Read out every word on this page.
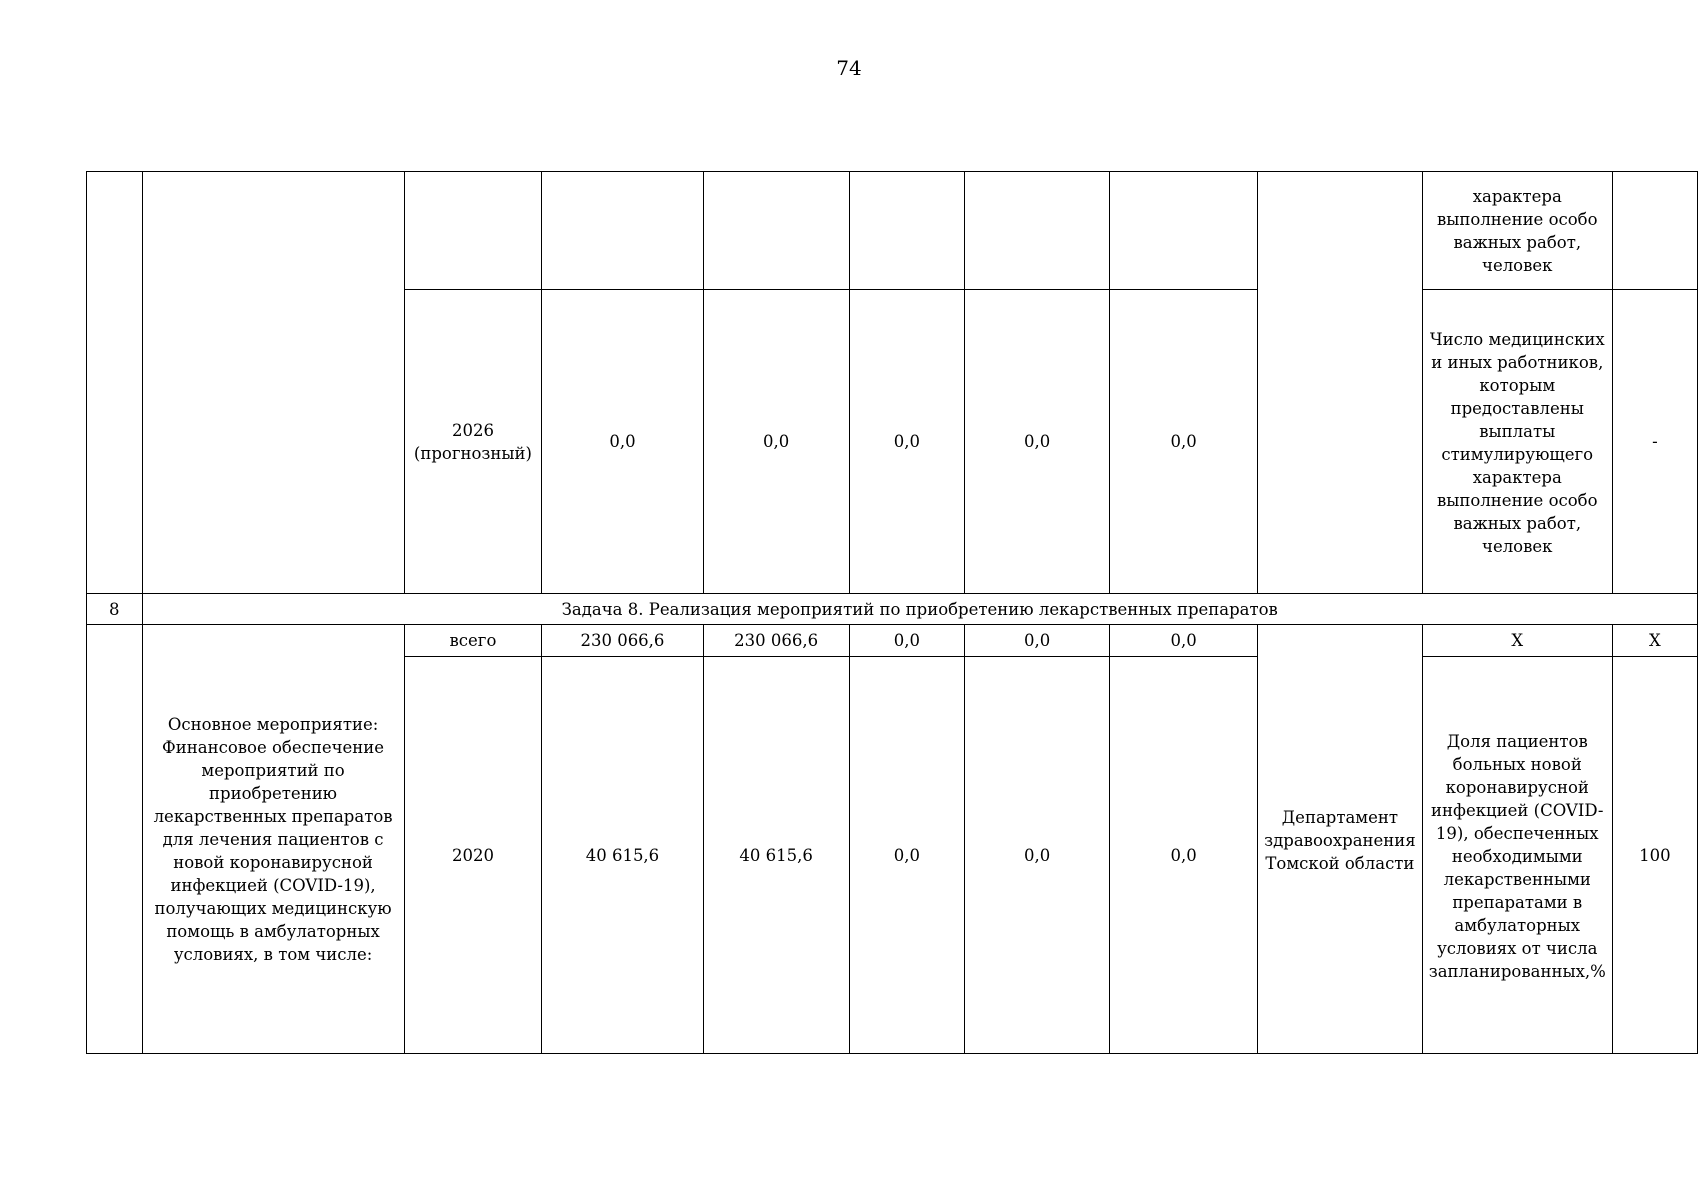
74
									характера выполнение особо важных работ, человек	
		2026 (прогнозный)	0,0	0,0	0,0	0,0	0,0		Число медицинских и иных работников, которым предоставлены выплаты стимулирующего характера выполнение особо важных работ, человек	-
8	Задача 8. Реализация мероприятий по приобретению лекарственных препаратов									
	Основное мероприятие: Финансовое обеспечение мероприятий по приобретению лекарственных препаратов для лечения пациентов с новой коронавирусной инфекцией (COVID-19), получающих медицинскую помощь в амбулаторных условиях, в том числе:	всего	230 066,6	230 066,6	0,0	0,0	0,0	Департамент здравоохранения Томской области	X	X
		2020	40 615,6	40 615,6	0,0	0,0	0,0		Доля пациентов больных новой коронавирусной инфекцией (COVID-19), обеспеченных необходимыми лекарственными препаратами в амбулаторных условиях от числа запланированных,%	100
